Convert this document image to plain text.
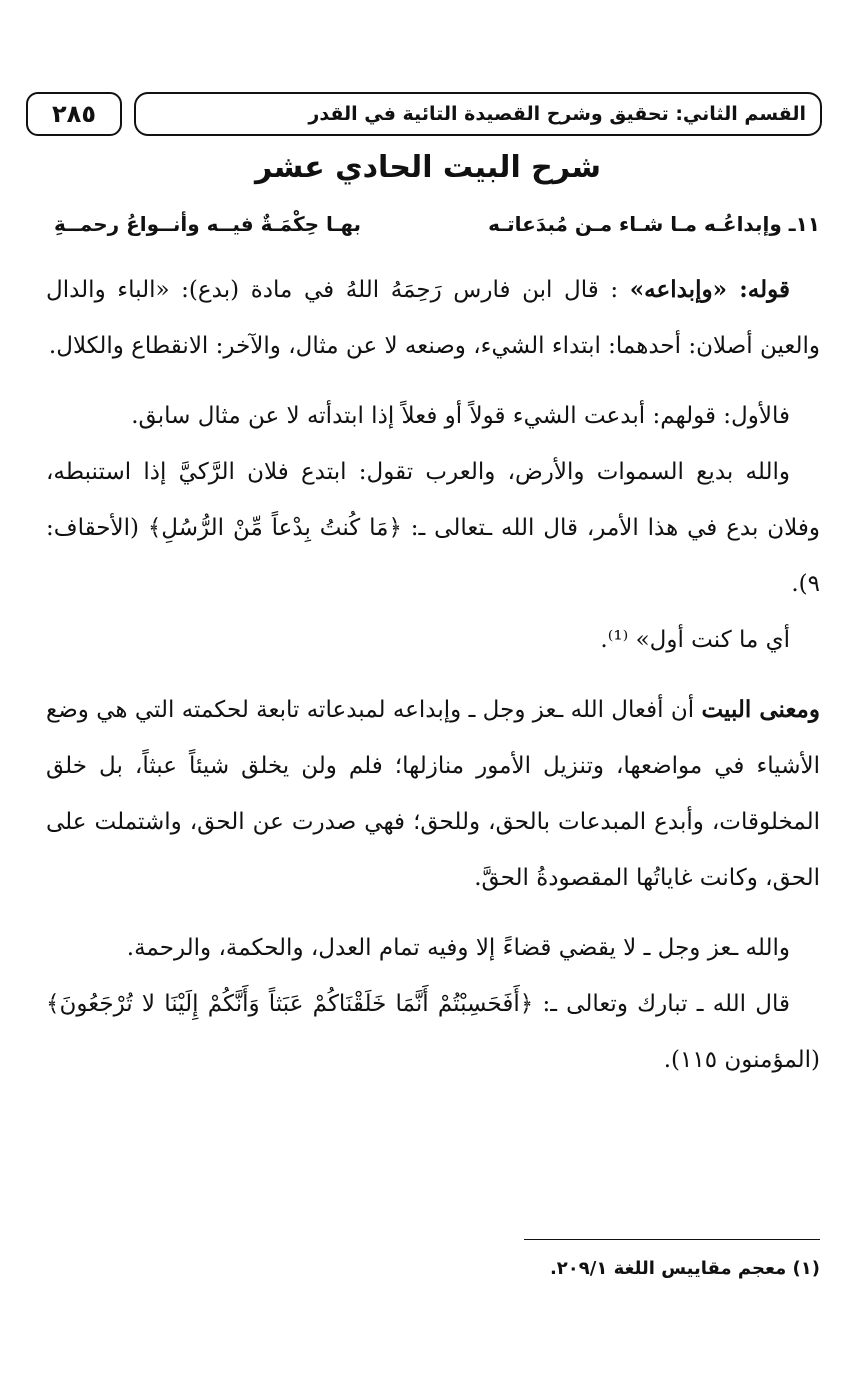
القسم الثاني: تحقيق وشرح القصيدة التائية في القدر
٢٨٥
شرح البيت الحادي عشر
١١ـ وإبداعُـه مـا شـاء مـن مُبدَعاتـه
بهـا حِكْمَـةٌ فيــه وأنــواعُ رحمــةِ

قوله: «وإبداعه» : قال ابن فارس رَحِمَهُ اللهُ في مادة (بدع): «الباء والدال والعين أصلان: أحدهما: ابتداء الشيء، وصنعه لا عن مثال، والآخر: الانقطاع والكلال.

فالأول: قولهم: أبدعت الشيء قولاً أو فعلاً إذا ابتدأته لا عن مثال سابق.

والله بديع السموات والأرض، والعرب تقول: ابتدع فلان الرَّكيَّ إذا استنبطه، وفلان بدع في هذا الأمر، قال الله ـتعالى ـ: ﴿مَا كُنتُ بِدْعاً مِّنْ الرُّسُلِ﴾ (الأحقاف: ٩).

أي ما كنت أول» ⁽¹⁾.

ومعنى البيت أن أفعال الله ـعز وجل ـ وإبداعه لمبدعاته تابعة لحكمته التي هي وضع الأشياء في مواضعها، وتنزيل الأمور منازلها؛ فلم ولن يخلق شيئاً عبثاً، بل خلق المخلوقات، وأبدع المبدعات بالحق، وللحق؛ فهي صدرت عن الحق، واشتملت على الحق، وكانت غاياتُها المقصودةُ الحقَّ.

والله ـعز وجل ـ لا يقضي قضاءً إلا وفيه تمام العدل، والحكمة، والرحمة.

قال الله ـ تبارك وتعالى ـ: ﴿أَفَحَسِبْتُمْ أَنَّمَا خَلَقْنَاكُمْ عَبَثاً وَأَنَّكُمْ إِلَيْنَا لا تُرْجَعُونَ﴾ (المؤمنون ١١٥).

(١) معجم مقاييس اللغة ٢٠٩/١.
